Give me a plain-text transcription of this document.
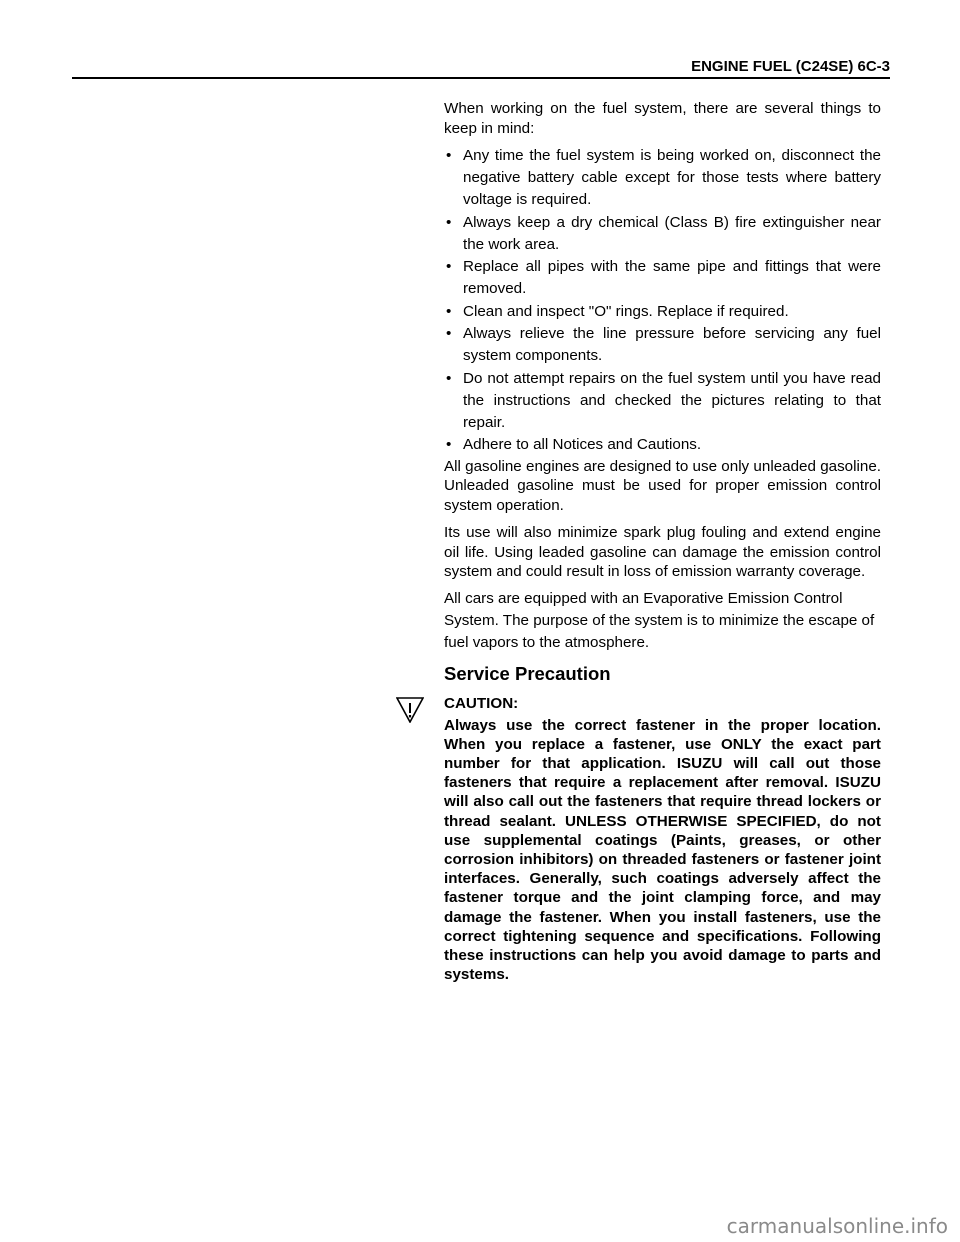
ENGINE FUEL (C24SE) 6C-3

When working on the fuel system, there are several things to keep in mind:

• Any time the fuel system is being worked on, disconnect the negative battery cable except for those tests where battery voltage is required.
• Always keep a dry chemical (Class B) fire extinguisher near the work area.
• Replace all pipes with the same pipe and fittings that were removed.
• Clean and inspect "O" rings. Replace if required.
• Always relieve the line pressure before servicing any fuel system components.
• Do not attempt repairs on the fuel system until you have read the instructions and checked the pictures relating to that repair.
• Adhere to all Notices and Cautions.

All gasoline engines are designed to use only unleaded gasoline. Unleaded gasoline must be used for proper emission control system operation.

Its use will also minimize spark plug fouling and extend engine oil life. Using leaded gasoline can damage the emission control system and could result in loss of emission warranty coverage.

All cars are equipped with an Evaporative Emission Control System. The purpose of the system is to minimize the escape of fuel vapors to the atmosphere.

Service Precaution
CAUTION:

Always use the correct fastener in the proper location. When you replace a fastener, use ONLY the exact part number for that application. ISUZU will call out those fasteners that require a replacement after removal. ISUZU will also call out the fasteners that require thread lockers or thread sealant. UNLESS OTHERWISE SPECIFIED, do not use supplemental coatings (Paints, greases, or other corrosion inhibitors) on threaded fasteners or fastener joint interfaces. Generally, such coatings adversely affect the fastener torque and the joint clamping force, and may damage the fastener. When you install fasteners, use the correct tightening sequence and specifications. Following these instructions can help you avoid damage to parts and systems.

carmanualsonline.info
